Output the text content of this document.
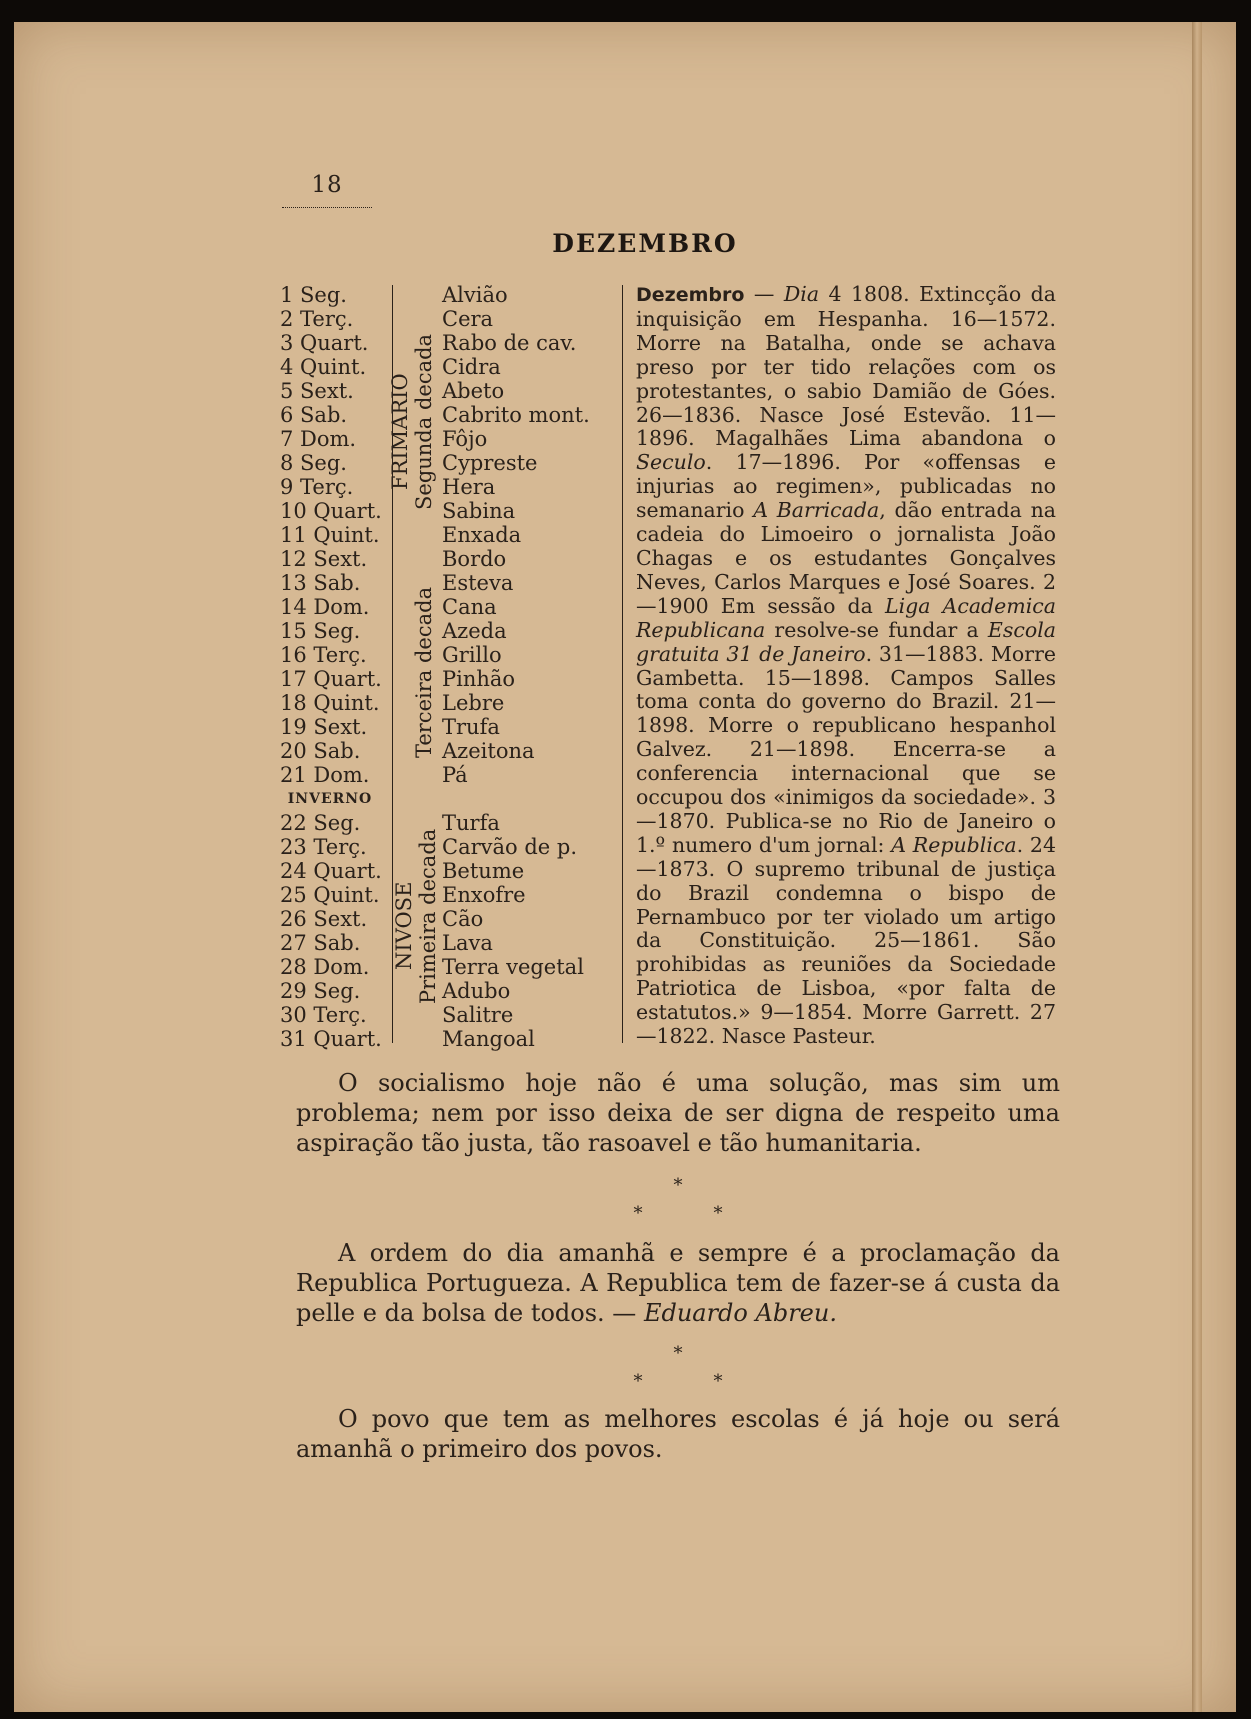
18
DEZEMBRO
1 Seg.
2 Terç.
3 Quart.
4 Quint.
5 Sext.
6 Sab.
7 Dom.
8 Seg.
9 Terç.
10 Quart.
11 Quint.
12 Sext.
13 Sab.
14 Dom.
15 Seg.
16 Terç.
17 Quart.
18 Quint.
19 Sext.
20 Sab.
21 Dom.
INVERNO
22 Seg.
23 Terç.
24 Quart.
25 Quint.
26 Sext.
27 Sab.
28 Dom.
29 Seg.
30 Terç.
31 Quart.
FRIMARIO Segunda decada
Terceira decada
NIVOSE Primeira decada
Alvião
Cera
Rabo de cav.
Cidra
Abeto
Cabrito mont.
Fôjo
Cypreste
Hera
Sabina
Enxada
Bordo
Esteva
Cana
Azeda
Grillo
Pinhão
Lebre
Trufa
Azeitona
Pá
Turfa
Carvão de p.
Betume
Enxofre
Cão
Lava
Terra vegetal
Adubo
Salitre
Mangoal
Dezembro — Dia 4 1808. Extincção da inquisição em Hespanha. 16—1572. Morre na Batalha, onde se achava preso por ter tido relações com os protestantes, o sabio Damião de Góes. 26—1836. Nasce José Estevão. 11—1896. Magalhães Lima abandona o Seculo. 17—1896. Por «offensas e injurias ao regimen», publicadas no semanario A Barricada, dão entrada na cadeia do Limoeiro o jornalista João Chagas e os estudantes Gonçalves Neves, Carlos Marques e José Soares. 2—1900 Em sessão da Liga Academica Republicana resolve-se fundar a Escola gratuita 31 de Janeiro. 31—1883. Morre Gambetta. 15—1898. Campos Salles toma conta do governo do Brazil. 21—1898. Morre o republicano hespanhol Galvez. 21—1898. Encerra-se a conferencia internacional que se occupou dos «inimigos da sociedade». 3—1870. Publica-se no Rio de Janeiro o 1.º numero d'um jornal: A Republica. 24—1873. O supremo tribunal de justiça do Brazil condemna o bispo de Pernambuco por ter violado um artigo da Constituição. 25—1861. São prohibidas as reuniões da Sociedade Patriotica de Lisboa, «por falta de estatutos.» 9—1854. Morre Garrett. 27—1822. Nasce Pasteur.
O socialismo hoje não é uma solução, mas sim um problema; nem por isso deixa de ser digna de respeito uma aspiração tão justa, tão rasoavel e tão humanitaria.
*
*	*
A ordem do dia amanhã e sempre é a proclamação da Republica Portugueza. A Republica tem de fazer-se á custa da pelle e da bolsa de todos. — Eduardo Abreu.
*
*	*
O povo que tem as melhores escolas é já hoje ou será amanhã o primeiro dos povos.
